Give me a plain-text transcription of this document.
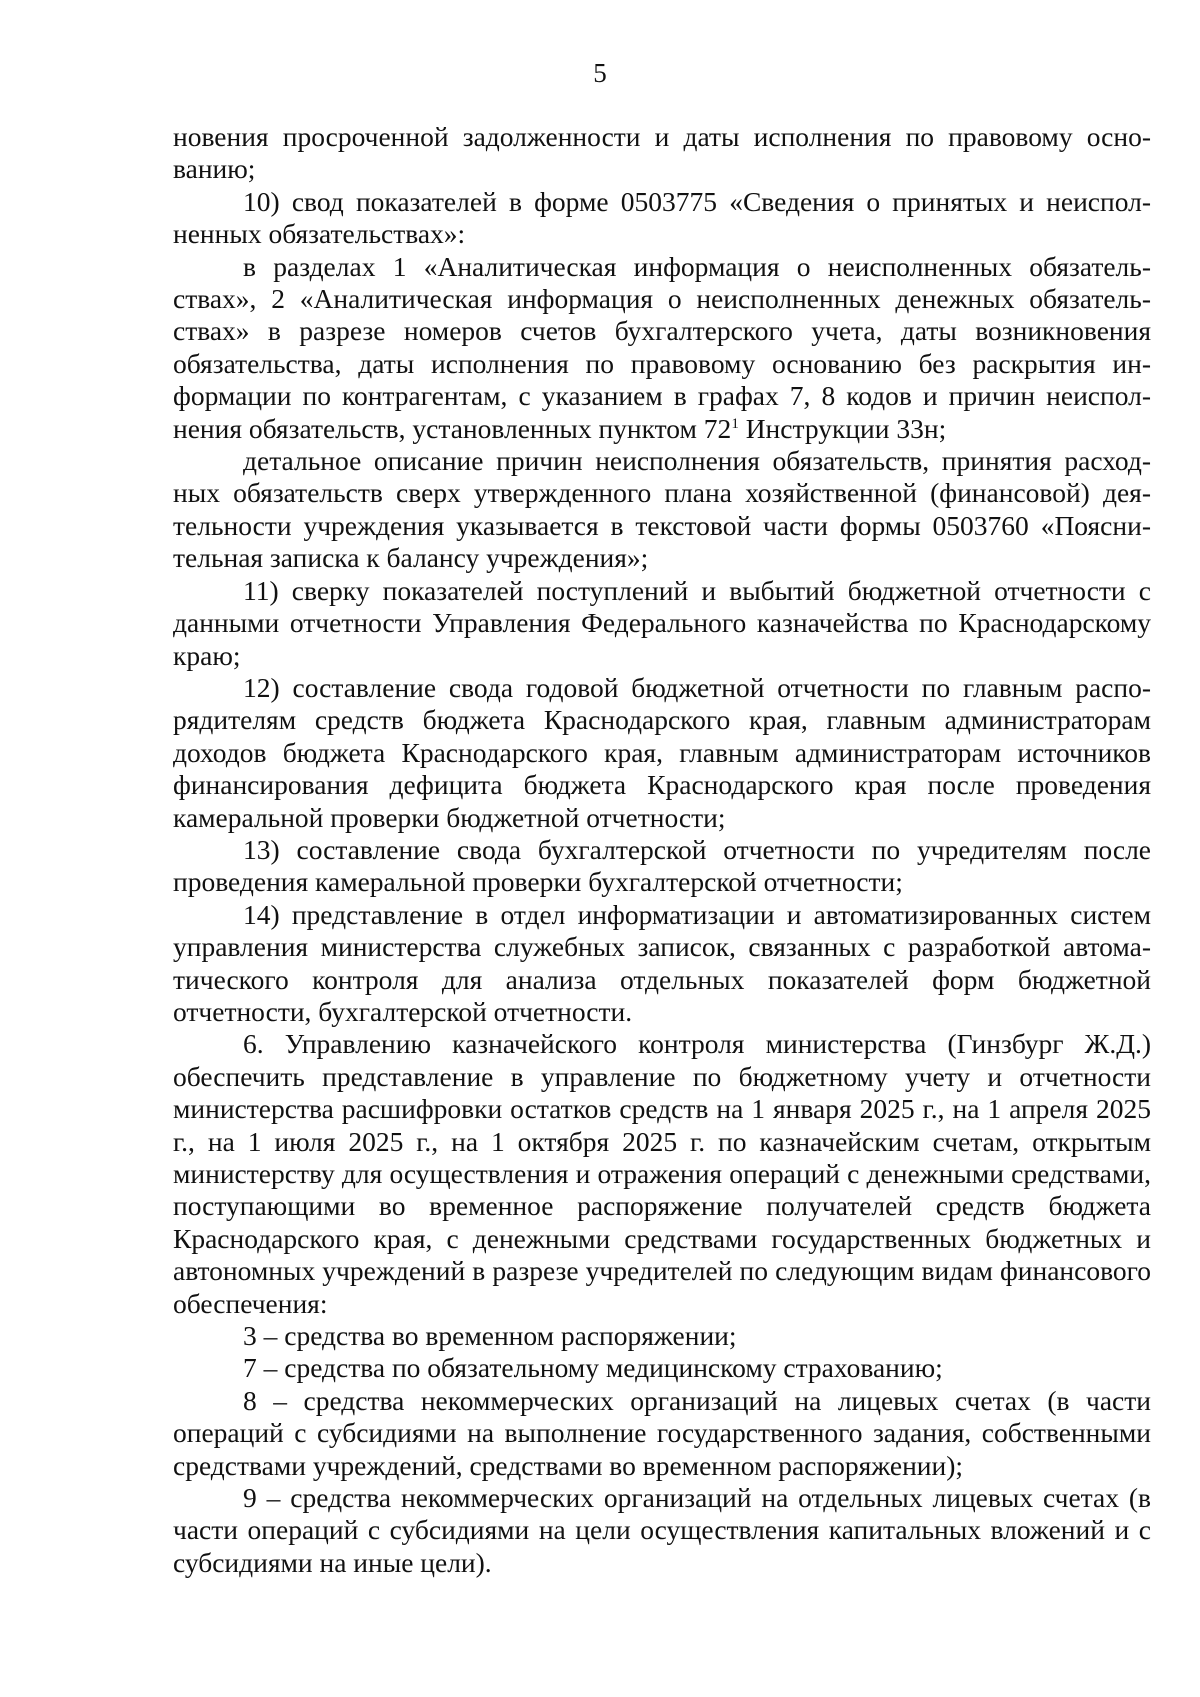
5

новения просроченной задолженности и даты исполнения по правовому основанию;

10) свод показателей в форме 0503775 «Сведения о принятых и неисполненных обязательствах»:

в разделах 1 «Аналитическая информация о неисполненных обязательствах», 2 «Аналитическая информация о неисполненных денежных обязательствах» в разрезе номеров счетов бухгалтерского учета, даты возникновения обязательства, даты исполнения по правовому основанию без раскрытия информации по контрагентам, с указанием в графах 7, 8 кодов и причин неисполнения обязательств, установленных пунктом $72^1$ Инструкции 33н;

детальное описание причин неисполнения обязательств, принятия расходных обязательств сверх утвержденного плана хозяйственной (финансовой) деятельности учреждения указывается в текстовой части формы 0503760 «Пояснительная записка к балансу учреждения»;

11) сверку показателей поступлений и выбытий бюджетной отчетности с данными отчетности Управления Федерального казначейства по Краснодарскому краю;

12) составление свода годовой бюджетной отчетности по главным распорядителям средств бюджета Краснодарского края, главным администраторам доходов бюджета Краснодарского края, главным администраторам источников финансирования дефицита бюджета Краснодарского края после проведения камеральной проверки бюджетной отчетности;

13) составление свода бухгалтерской отчетности по учредителям после проведения камеральной проверки бухгалтерской отчетности;

14) представление в отдел информатизации и автоматизированных систем управления министерства служебных записок, связанных с разработкой автоматического контроля для анализа отдельных показателей форм бюджетной отчетности, бухгалтерской отчетности.

6. Управлению казначейского контроля министерства (Гинзбург Ж.Д.) обеспечить представление в управление по бюджетному учету и отчетности министерства расшифровки остатков средств на 1 января 2025 г., на 1 апреля 2025 г., на 1 июля 2025 г., на 1 октября 2025 г. по казначейским счетам, открытым министерству для осуществления и отражения операций с денежными средствами, поступающими во временное распоряжение получателей средств бюджета Краснодарского края, с денежными средствами государственных бюджетных и автономных учреждений в разрезе учредителей по следующим видам финансового обеспечения:

3 – средства во временном распоряжении;

7 – средства по обязательному медицинскому страхованию;

8 – средства некоммерческих организаций на лицевых счетах (в части операций с субсидиями на выполнение государственного задания, собственными средствами учреждений, средствами во временном распоряжении);

9 – средства некоммерческих организаций на отдельных лицевых счетах (в части операций с субсидиями на цели осуществления капитальных вложений и с субсидиями на иные цели).
